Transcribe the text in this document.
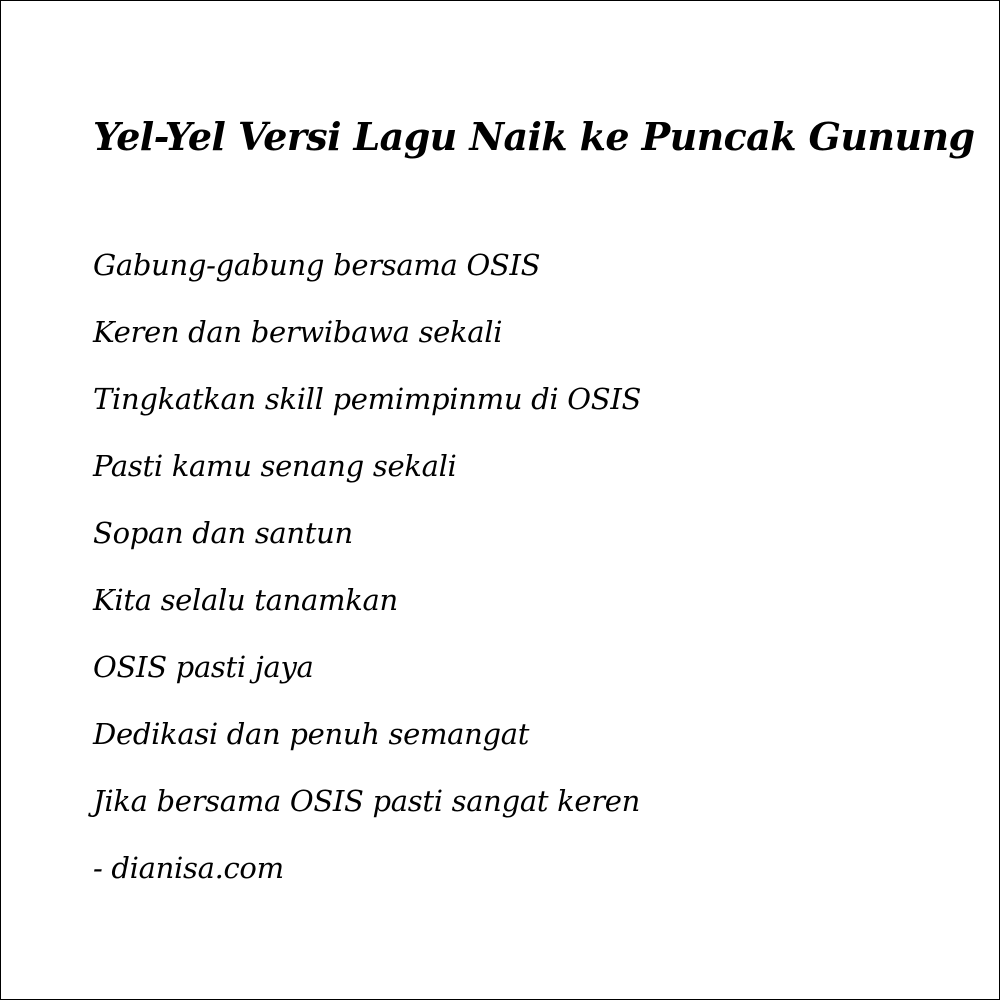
Yel-Yel Versi Lagu Naik ke Puncak Gunung
Gabung-gabung bersama OSIS
Keren dan berwibawa sekali
Tingkatkan skill pemimpinmu di OSIS
Pasti kamu senang sekali
Sopan dan santun
Kita selalu tanamkan
OSIS pasti jaya
Dedikasi dan penuh semangat
Jika bersama OSIS pasti sangat keren
- dianisa.com
